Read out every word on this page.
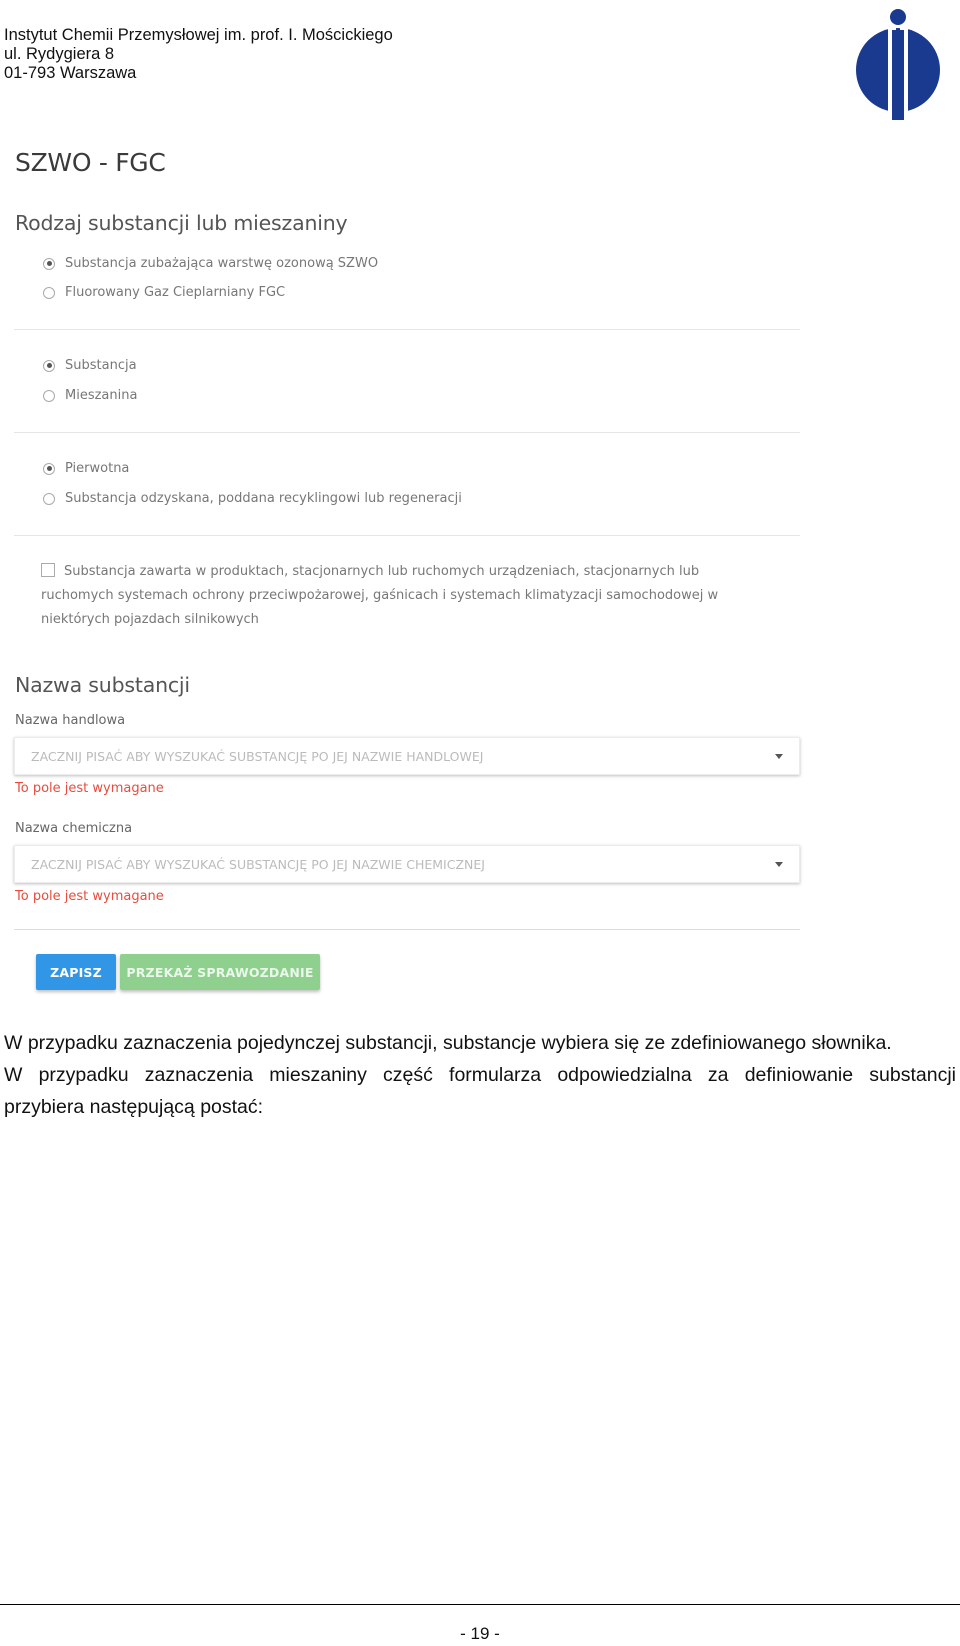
Instytut Chemii Przemysłowej im. prof. I. Mościckiego
ul. Rydygiera 8
01-793 Warszawa
SZWO - FGC
Rodzaj substancji lub mieszaniny
Substancja zubażająca warstwę ozonową SZWO
Fluorowany Gaz Cieplarniany FGC
Substancja
Mieszanina
Pierwotna
Substancja odzyskana, poddana recyklingowi lub regeneracji
Substancja zawarta w produktach, stacjonarnych lub ruchomych urządzeniach, stacjonarnych lub ruchomych systemach ochrony przeciwpożarowej, gaśnicach i systemach klimatyzacji samochodowej w niektórych pojazdach silnikowych
Nazwa substancji
Nazwa handlowa
ZACZNIJ PISAĆ ABY WYSZUKAĆ SUBSTANCJĘ PO JEJ NAZWIE HANDLOWEJ
To pole jest wymagane
Nazwa chemiczna
ZACZNIJ PISAĆ ABY WYSZUKAĆ SUBSTANCJĘ PO JEJ NAZWIE CHEMICZNEJ
To pole jest wymagane
ZAPISZ	PRZEKAŻ SPRAWOZDANIE
W przypadku zaznaczenia pojedynczej substancji, substancje wybiera się ze zdefiniowanego słownika.
W przypadku zaznaczenia mieszaniny część formularza odpowiedzialna za definiowanie substancji
przybiera następującą postać:
- 19 -
